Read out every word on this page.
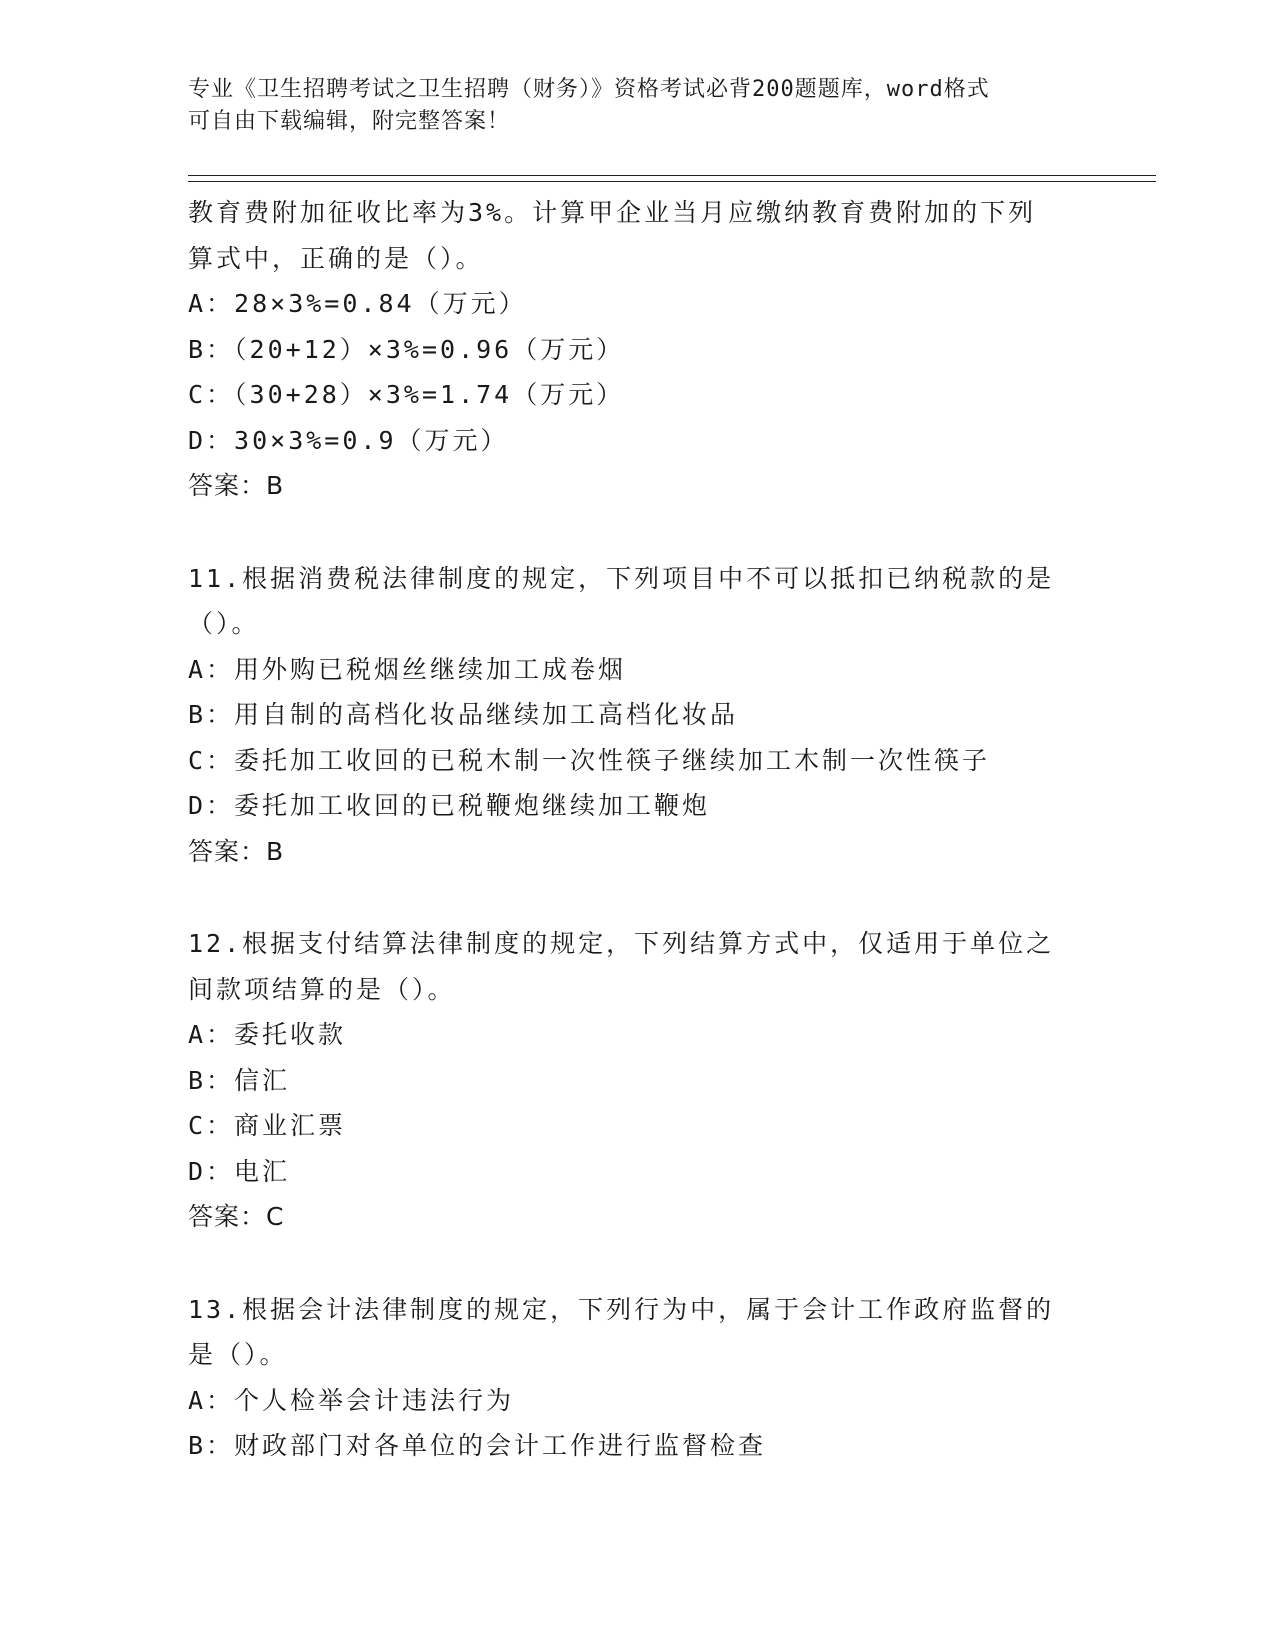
专业《卫生招聘考试之卫生招聘（财务）》资格考试必背200题题库，word格式
可自由下载编辑，附完整答案！
教育费附加征收比率为3%。计算甲企业当月应缴纳教育费附加的下列
算式中，正确的是（）。
A：28×3%=0.84（万元）
B：（20+12）×3%=0.96（万元）
C：（30+28）×3%=1.74（万元）
D：30×3%=0.9（万元）
答案：B
11.根据消费税法律制度的规定，下列项目中不可以抵扣已纳税款的是
（）。
A：用外购已税烟丝继续加工成卷烟
B：用自制的高档化妆品继续加工高档化妆品
C：委托加工收回的已税木制一次性筷子继续加工木制一次性筷子
D：委托加工收回的已税鞭炮继续加工鞭炮
答案：B
12.根据支付结算法律制度的规定，下列结算方式中，仅适用于单位之
间款项结算的是（）。
A：委托收款
B：信汇
C：商业汇票
D：电汇
答案：C
13.根据会计法律制度的规定，下列行为中，属于会计工作政府监督的
是（）。
A：个人检举会计违法行为
B：财政部门对各单位的会计工作进行监督检查
